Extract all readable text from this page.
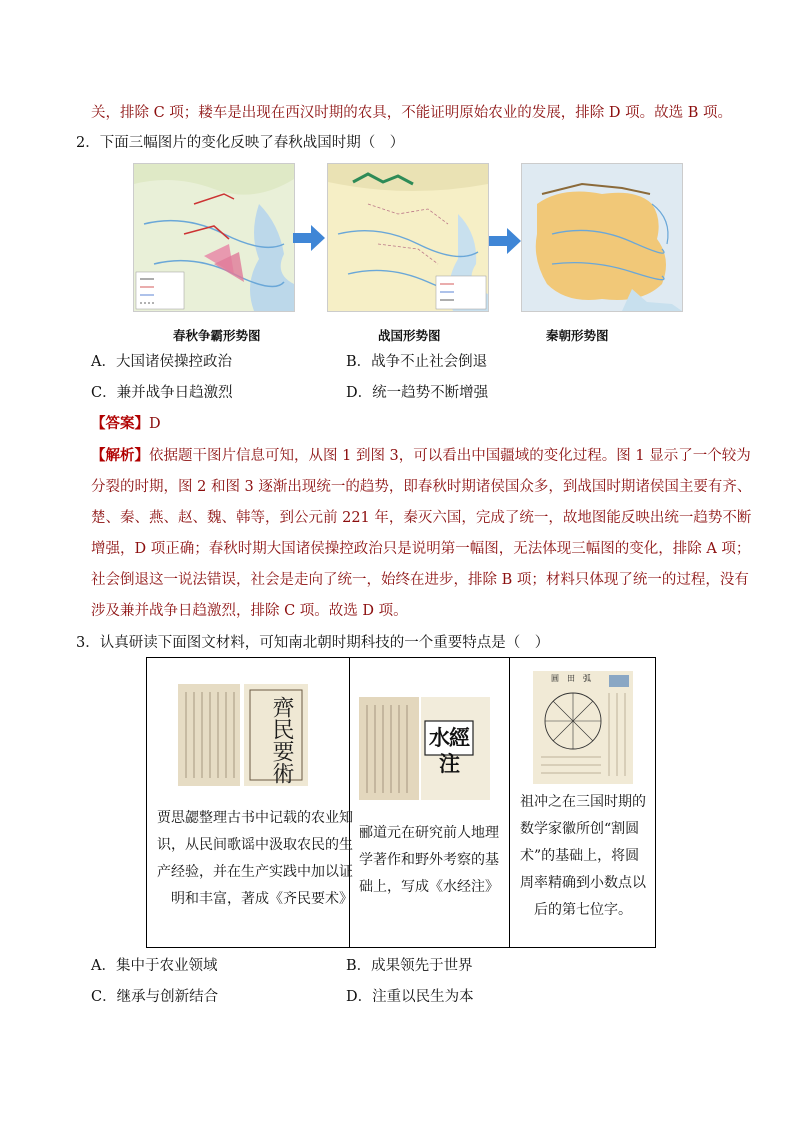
关，排除 C 项；耧车是出现在西汉时期的农具，不能证明原始农业的发展，排除 D 项。故选 B 项。
2．下面三幅图片的变化反映了春秋战国时期（　）
春秋争霸形势图	战国形势图	秦朝形势图
A．大国诸侯操控政治	B．战争不止社会倒退
C．兼并战争日趋激烈	D．统一趋势不断增强
【答案】D
【解析】依据题干图片信息可知，从图 1 到图 3，可以看出中国疆域的变化过程。图 1 显示了一个较为
分裂的时期，图 2 和图 3 逐渐出现统一的趋势，即春秋时期诸侯国众多，到战国时期诸侯国主要有齐、
楚、秦、燕、赵、魏、韩等，到公元前 221 年，秦灭六国，完成了统一，故地图能反映出统一趋势不断
增强，D 项正确；春秋时期大国诸侯操控政治只是说明第一幅图，无法体现三幅图的变化，排除 A 项；
社会倒退这一说法错误，社会是走向了统一，始终在进步，排除 B 项；材料只体现了统一的过程，没有
涉及兼并战争日趋激烈，排除 C 项。故选 D 项。
3．认真研读下面图文材料，可知南北朝时期科技的一个重要特点是（　）
齊民要術	水經注
圓　田　弧
贾思勰整理古书中记载的农业知
识，从民间歌谣中汲取农民的生
产经验，并在生产实践中加以证
明和丰富，著成《齐民要术》
郦道元在研究前人地理
学著作和野外考察的基
础上，写成《水经注》
祖冲之在三国时期的
数学家徽所创“割圆
术”的基础上，将圆
周率精确到小数点以
后的第七位字。
A．集中于农业领域	B．成果领先于世界
C．继承与创新结合	D．注重以民生为本
